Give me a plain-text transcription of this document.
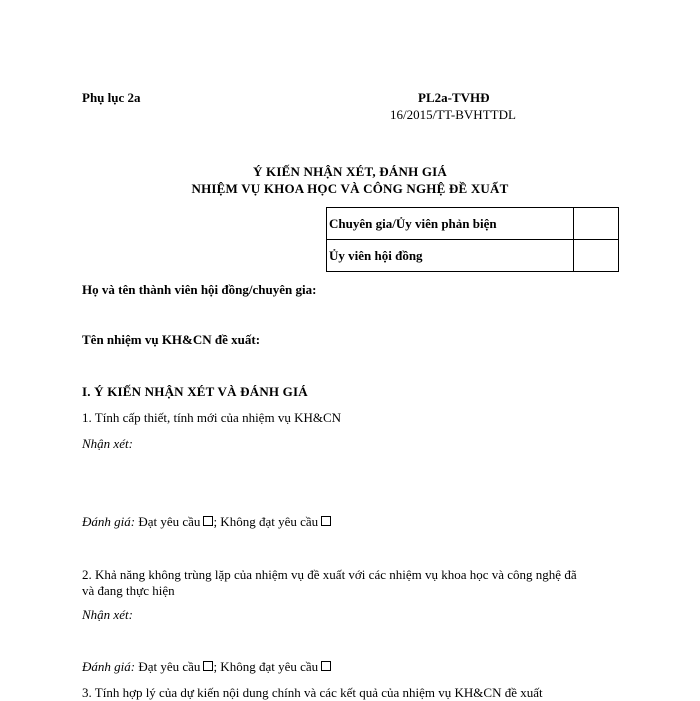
Phụ lục 2a	PL2a-TVHĐ
16/2015/TT-BVHTTDL
Ý KIẾN NHẬN XÉT, ĐÁNH GIÁ
NHIỆM VỤ KHOA HỌC VÀ CÔNG NGHỆ ĐỀ XUẤT
Chuyên gia/Ủy viên phản biện	
Ủy viên hội đồng	
Họ và tên thành viên hội đồng/chuyên gia:
Tên nhiệm vụ KH&CN đề xuất:
I. Ý KIẾN NHẬN XÉT VÀ ĐÁNH GIÁ
1. Tính cấp thiết, tính mới của nhiệm vụ KH&CN
Nhận xét:
Đánh giá: Đạt yêu cầu ; Không đạt yêu cầu
2. Khả năng không trùng lặp của nhiệm vụ đề xuất với các nhiệm vụ khoa học và công nghệ đã
và đang thực hiện
Nhận xét:
Đánh giá: Đạt yêu cầu ; Không đạt yêu cầu
3. Tính hợp lý của dự kiến nội dung chính và các kết quả của nhiệm vụ KH&CN đề xuất
